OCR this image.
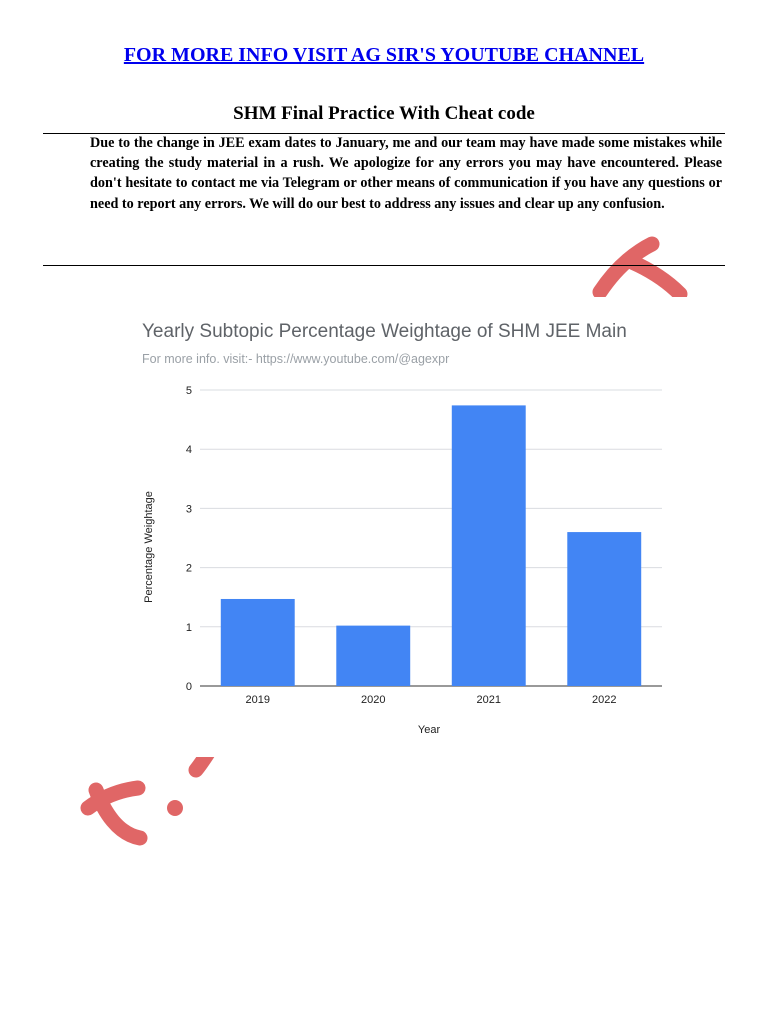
FOR MORE INFO VISIT AG SIR'S YOUTUBE CHANNEL
SHM Final Practice With Cheat code

Due to the change in JEE exam dates to January, me and our team may have made some mistakes while creating the study material in a rush. We apologize for any errors you may have encountered. Please don't hesitate to contact me via Telegram or other means of communication if you have any questions or need to report any errors. We will do our best to address any issues and clear up any confusion.

Yearly Subtopic Percentage Weightage of SHM JEE Main
For more info. visit:- https://www.youtube.com/@agexpr
0
1
2
3
4
5
2019	2020	2021	2022
Percentage Weightage
Year
